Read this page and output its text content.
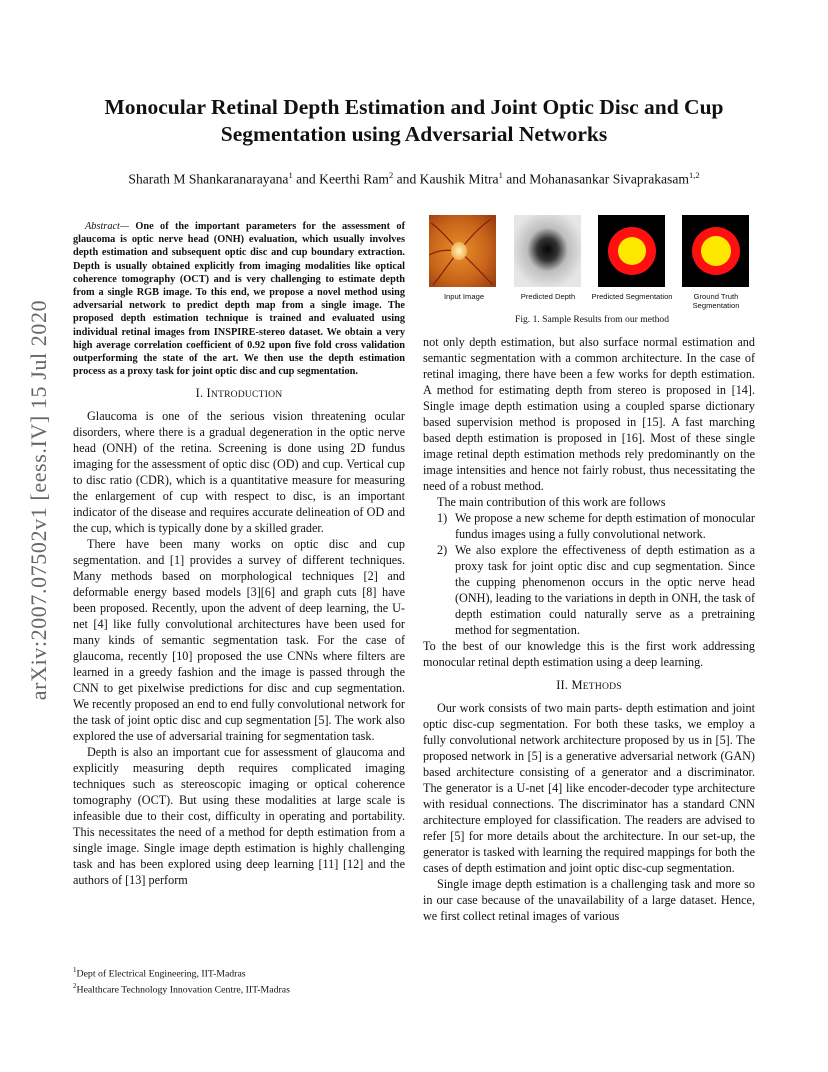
arXiv:2007.07502v1 [eess.IV] 15 Jul 2020
Monocular Retinal Depth Estimation and Joint Optic Disc and Cup
Segmentation using Adversarial Networks
Sharath M Shankaranarayana$^1$ and Keerthi Ram$^2$ and Kaushik Mitra$^1$ and Mohanasankar Sivaprakasam$^{1,2}$

Abstract— One of the important parameters for the assessment of glaucoma is optic nerve head (ONH) evaluation, which usually involves depth estimation and subsequent optic disc and cup boundary extraction. Depth is usually obtained explicitly from imaging modalities like optical coherence tomography (OCT) and is very challenging to estimate depth from a single RGB image. To this end, we propose a novel method using adversarial network to predict depth map from a single image. The proposed depth estimation technique is trained and evaluated using individual retinal images from INSPIRE-stereo dataset. We obtain a very high average correlation coefficient of 0.92 upon five fold cross validation outperforming the state of the art. We then use the depth estimation process as a proxy task for joint optic disc and cup segmentation.

I. INTRODUCTION

Glaucoma is one of the serious vision threatening ocular disorders, where there is a gradual degeneration in the optic nerve head (ONH) of the retina. Screening is done using 2D fundus imaging for the assessment of optic disc (OD) and cup. Vertical cup to disc ratio (CDR), which is a quantitative measure for measuring the enlargement of cup with respect to disc, is an important indicator of the disease and requires accurate delineation of OD and the cup, which is typically done by a skilled grader.

There have been many works on optic disc and cup segmentation. and [1] provides a survey of different techniques. Many methods based on morphological techniques [2] and deformable energy based models [3][6] and graph cuts [8] have been proposed. Recently, upon the advent of deep learning, the U-net [4] like fully convolutional architectures have been used for many kinds of semantic segmentation task. For the case of glaucoma, recently [10] proposed the use CNNs where filters are learned in a greedy fashion and the image is passed through the CNN to get pixelwise predictions for disc and cup segmentation. We recently proposed an end to end fully convolutional network for the task of joint optic disc and cup segmentation [5]. The work also explored the use of adversarial training for segmentation task.

Depth is also an important cue for assessment of glaucoma and explicitly measuring depth requires complicated imaging techniques such as stereoscopic imaging or optical coherence tomography (OCT). But using these modalities at large scale is infeasible due to their cost, difficulty in operating and portability. This necessitates the need of a method for depth estimation from a single image. Single image depth estimation is highly challenging task and has been explored using deep learning [11] [12] and the authors of [13] perform

$^1$Dept of Electrical Engineering, IIT-Madras
$^2$Healthcare Technology Innovation Centre, IIT-Madras
Input Image	Predicted Depth	Predicted Segmentation	Ground Truth Segmentation
Fig. 1. Sample Results from our method

not only depth estimation, but also surface normal estimation and semantic segmentation with a common architecture. In the case of retinal imaging, there have been a few works for depth estimation. A method for estimating depth from stereo is proposed in [14]. Single image depth estimation using a coupled sparse dictionary based supervision method is proposed in [15]. A fast marching based depth estimation is proposed in [16]. Most of these single image retinal depth estimation methods rely predominantly on the image intensities and hence not fairly robust, thus necessitating the need of a robust method.

The main contribution of this work are follows

1) We propose a new scheme for depth estimation of monocular fundus images using a fully convolutional network.
2) We also explore the effectiveness of depth estimation as a proxy task for joint optic disc and cup segmentation. Since the cupping phenomenon occurs in the optic nerve head (ONH), leading to the variations in depth in ONH, the task of depth estimation could naturally serve as a pretraining method for segmentation.

To the best of our knowledge this is the first work addressing monocular retinal depth estimation using a deep learning.

II. METHODS

Our work consists of two main parts- depth estimation and joint optic disc-cup segmentation. For both these tasks, we employ a fully convolutional network architecture proposed by us in [5]. The proposed network in [5] is a generative adversarial network (GAN) based architecture consisting of a generator and a discriminator. The generator is a U-net [4] like encoder-decoder type architecture with residual connections. The discriminator has a standard CNN architecture employed for classification. The readers are advised to refer [5] for more details about the architecture. In our set-up, the generator is tasked with learning the required mappings for both the cases of depth estimation and joint optic disc-cup segmentation.

Single image depth estimation is a challenging task and more so in our case because of the unavailability of a large dataset. Hence, we first collect retinal images of various
